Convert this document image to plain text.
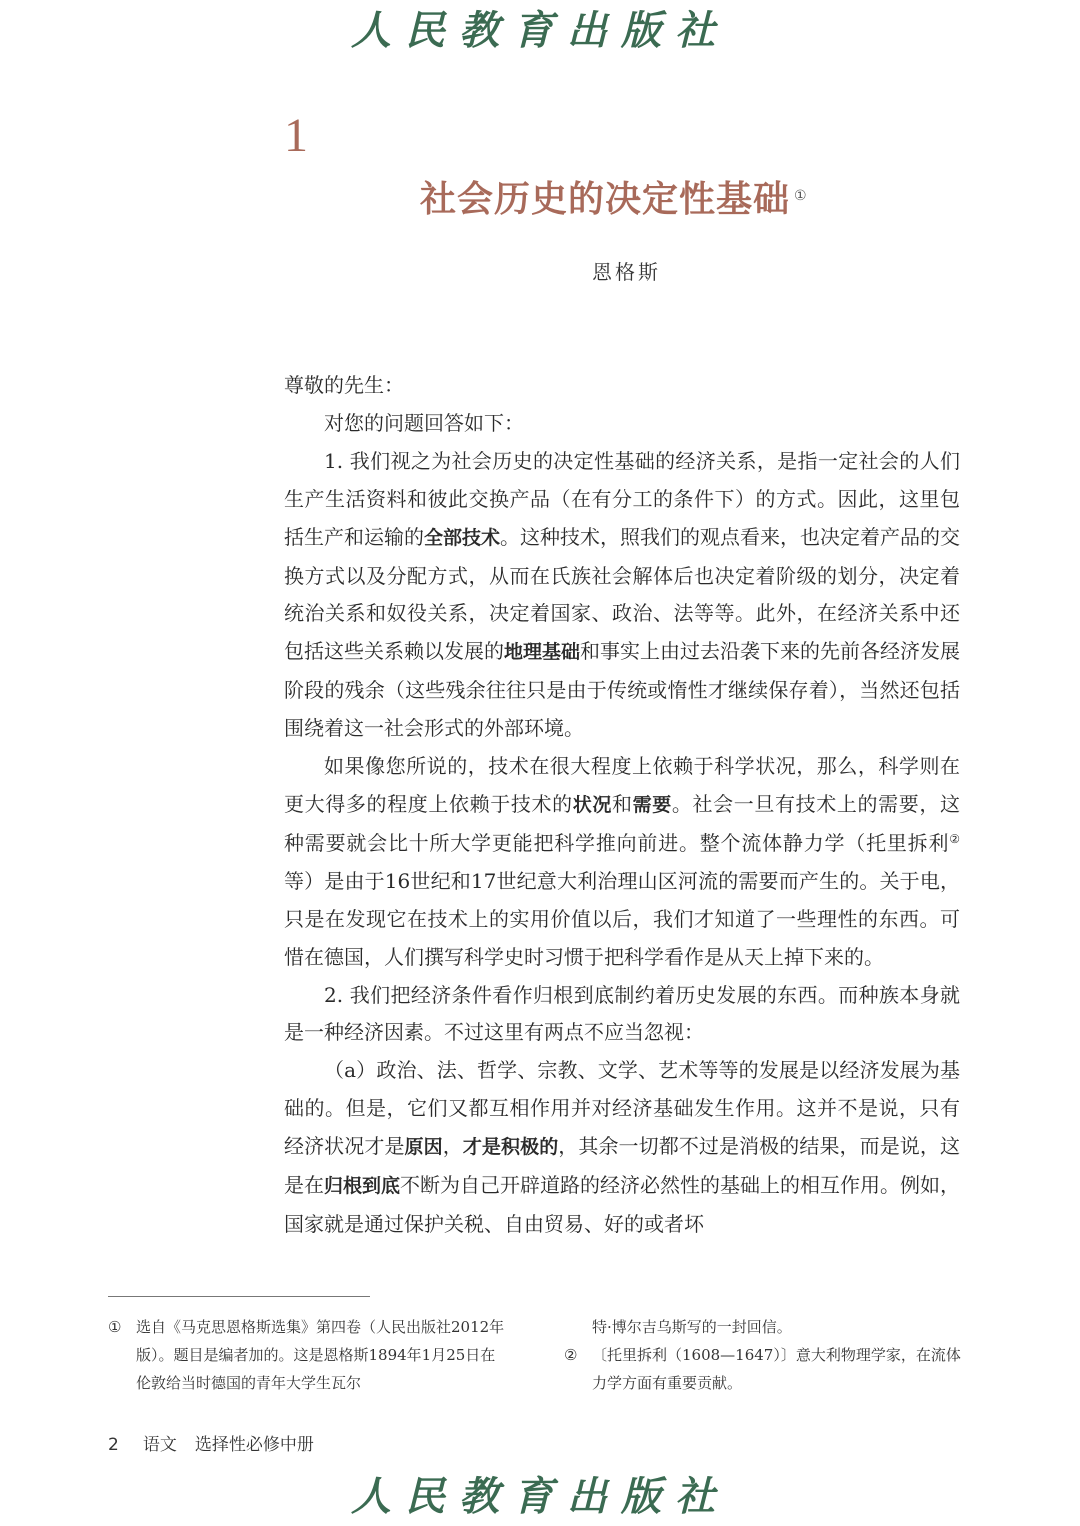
人民教育出版社
1
社会历史的决定性基础 ①
恩格斯

尊敬的先生：

对您的问题回答如下：

1. 我们视之为社会历史的决定性基础的经济关系，是指一定社会的人们生产生活资料和彼此交换产品（在有分工的条件下）的方式。因此，这里包括生产和运输的全部技术。这种技术，照我们的观点看来，也决定着产品的交换方式以及分配方式，从而在氏族社会解体后也决定着阶级的划分，决定着统治关系和奴役关系，决定着国家、政治、法等等。此外，在经济关系中还包括这些关系赖以发展的地理基础和事实上由过去沿袭下来的先前各经济发展阶段的残余（这些残余往往只是由于传统或惰性才继续保存着），当然还包括围绕着这一社会形式的外部环境。

如果像您所说的，技术在很大程度上依赖于科学状况，那么，科学则在更大得多的程度上依赖于技术的状况和需要。社会一旦有技术上的需要，这种需要就会比十所大学更能把科学推向前进。整个流体静力学（托里拆利②等）是由于16世纪和17世纪意大利治理山区河流的需要而产生的。关于电，只是在发现它在技术上的实用价值以后，我们才知道了一些理性的东西。可惜在德国，人们撰写科学史时习惯于把科学看作是从天上掉下来的。

2. 我们把经济条件看作归根到底制约着历史发展的东西。而种族本身就是一种经济因素。不过这里有两点不应当忽视：

（a）政治、法、哲学、宗教、文学、艺术等等的发展是以经济发展为基础的。但是，它们又都互相作用并对经济基础发生作用。这并不是说，只有经济状况才是原因，才是积极的，其余一切都不过是消极的结果，而是说，这是在归根到底不断为自己开辟道路的经济必然性的基础上的相互作用。例如，国家就是通过保护关税、自由贸易、好的或者坏

① 选自《马克思恩格斯选集》第四卷（人民出版社2012年版）。题目是编者加的。这是恩格斯1894年1月25日在伦敦给当时德国的青年大学生瓦尔

特·博尔吉乌斯写的一封回信。

② 〔托里拆利（1608—1647）〕意大利物理学家，在流体力学方面有重要贡献。
2 语文 选择性必修中册
人民教育出版社
